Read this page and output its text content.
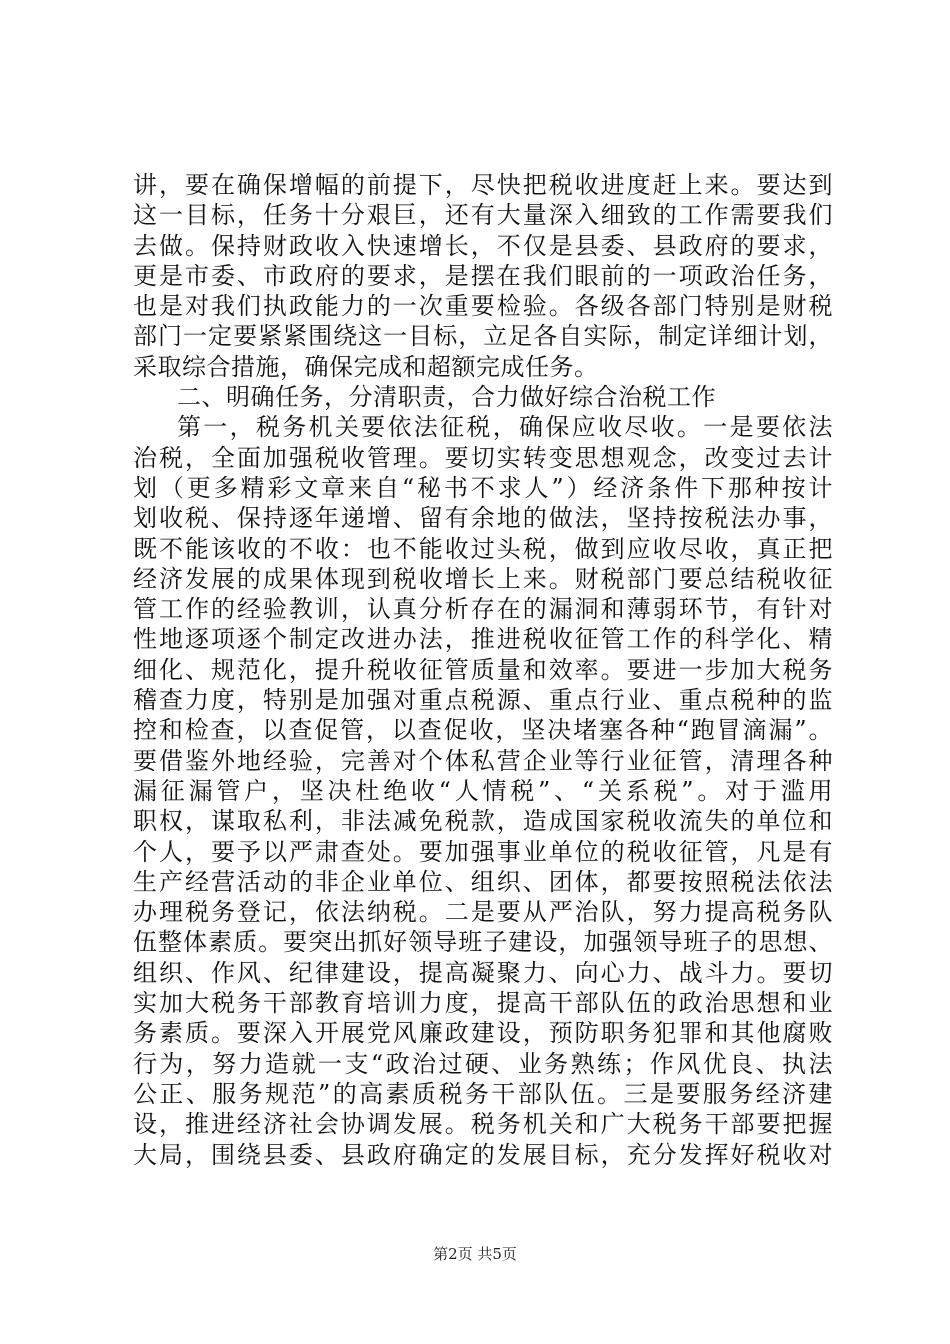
讲，要在确保增幅的前提下，尽快把税收进度赶上来。要达到
这一目标，任务十分艰巨，还有大量深入细致的工作需要我们
去做。保持财政收入快速增长，不仅是县委、县政府的要求，
更是市委、市政府的要求，是摆在我们眼前的一项政治任务，
也是对我们执政能力的一次重要检验。各级各部门特别是财税
部门一定要紧紧围绕这一目标，立足各自实际，制定详细计划，
采取综合措施，确保完成和超额完成任务。
二、明确任务，分清职责，合力做好综合治税工作
第一，税务机关要依法征税，确保应收尽收。一是要依法
治税，全面加强税收管理。要切实转变思想观念，改变过去计
划（更多精彩文章来自“秘书不求人”）经济条件下那种按计
划收税、保持逐年递增、留有余地的做法，坚持按税法办事，
既不能该收的不收：也不能收过头税，做到应收尽收，真正把
经济发展的成果体现到税收增长上来。财税部门要总结税收征
管工作的经验教训，认真分析存在的漏洞和薄弱环节，有针对
性地逐项逐个制定改进办法，推进税收征管工作的科学化、精
细化、规范化，提升税收征管质量和效率。要进一步加大税务
稽查力度，特别是加强对重点税源、重点行业、重点税种的监
控和检查，以查促管，以查促收，坚决堵塞各种“跑冒滴漏”。
要借鉴外地经验，完善对个体私营企业等行业征管，清理各种
漏征漏管户，坚决杜绝收“人情税”、“关系税”。对于滥用
职权，谋取私利，非法减免税款，造成国家税收流失的单位和
个人，要予以严肃查处。要加强事业单位的税收征管，凡是有
生产经营活动的非企业单位、组织、团体，都要按照税法依法
办理税务登记，依法纳税。二是要从严治队，努力提高税务队
伍整体素质。要突出抓好领导班子建设，加强领导班子的思想、
组织、作风、纪律建设，提高凝聚力、向心力、战斗力。要切
实加大税务干部教育培训力度，提高干部队伍的政治思想和业
务素质。要深入开展党风廉政建设，预防职务犯罪和其他腐败
行为，努力造就一支“政治过硬、业务熟练；作风优良、执法
公正、服务规范”的高素质税务干部队伍。三是要服务经济建
设，推进经济社会协调发展。税务机关和广大税务干部要把握
大局，围绕县委、县政府确定的发展目标，充分发挥好税收对
第2页 共5页
